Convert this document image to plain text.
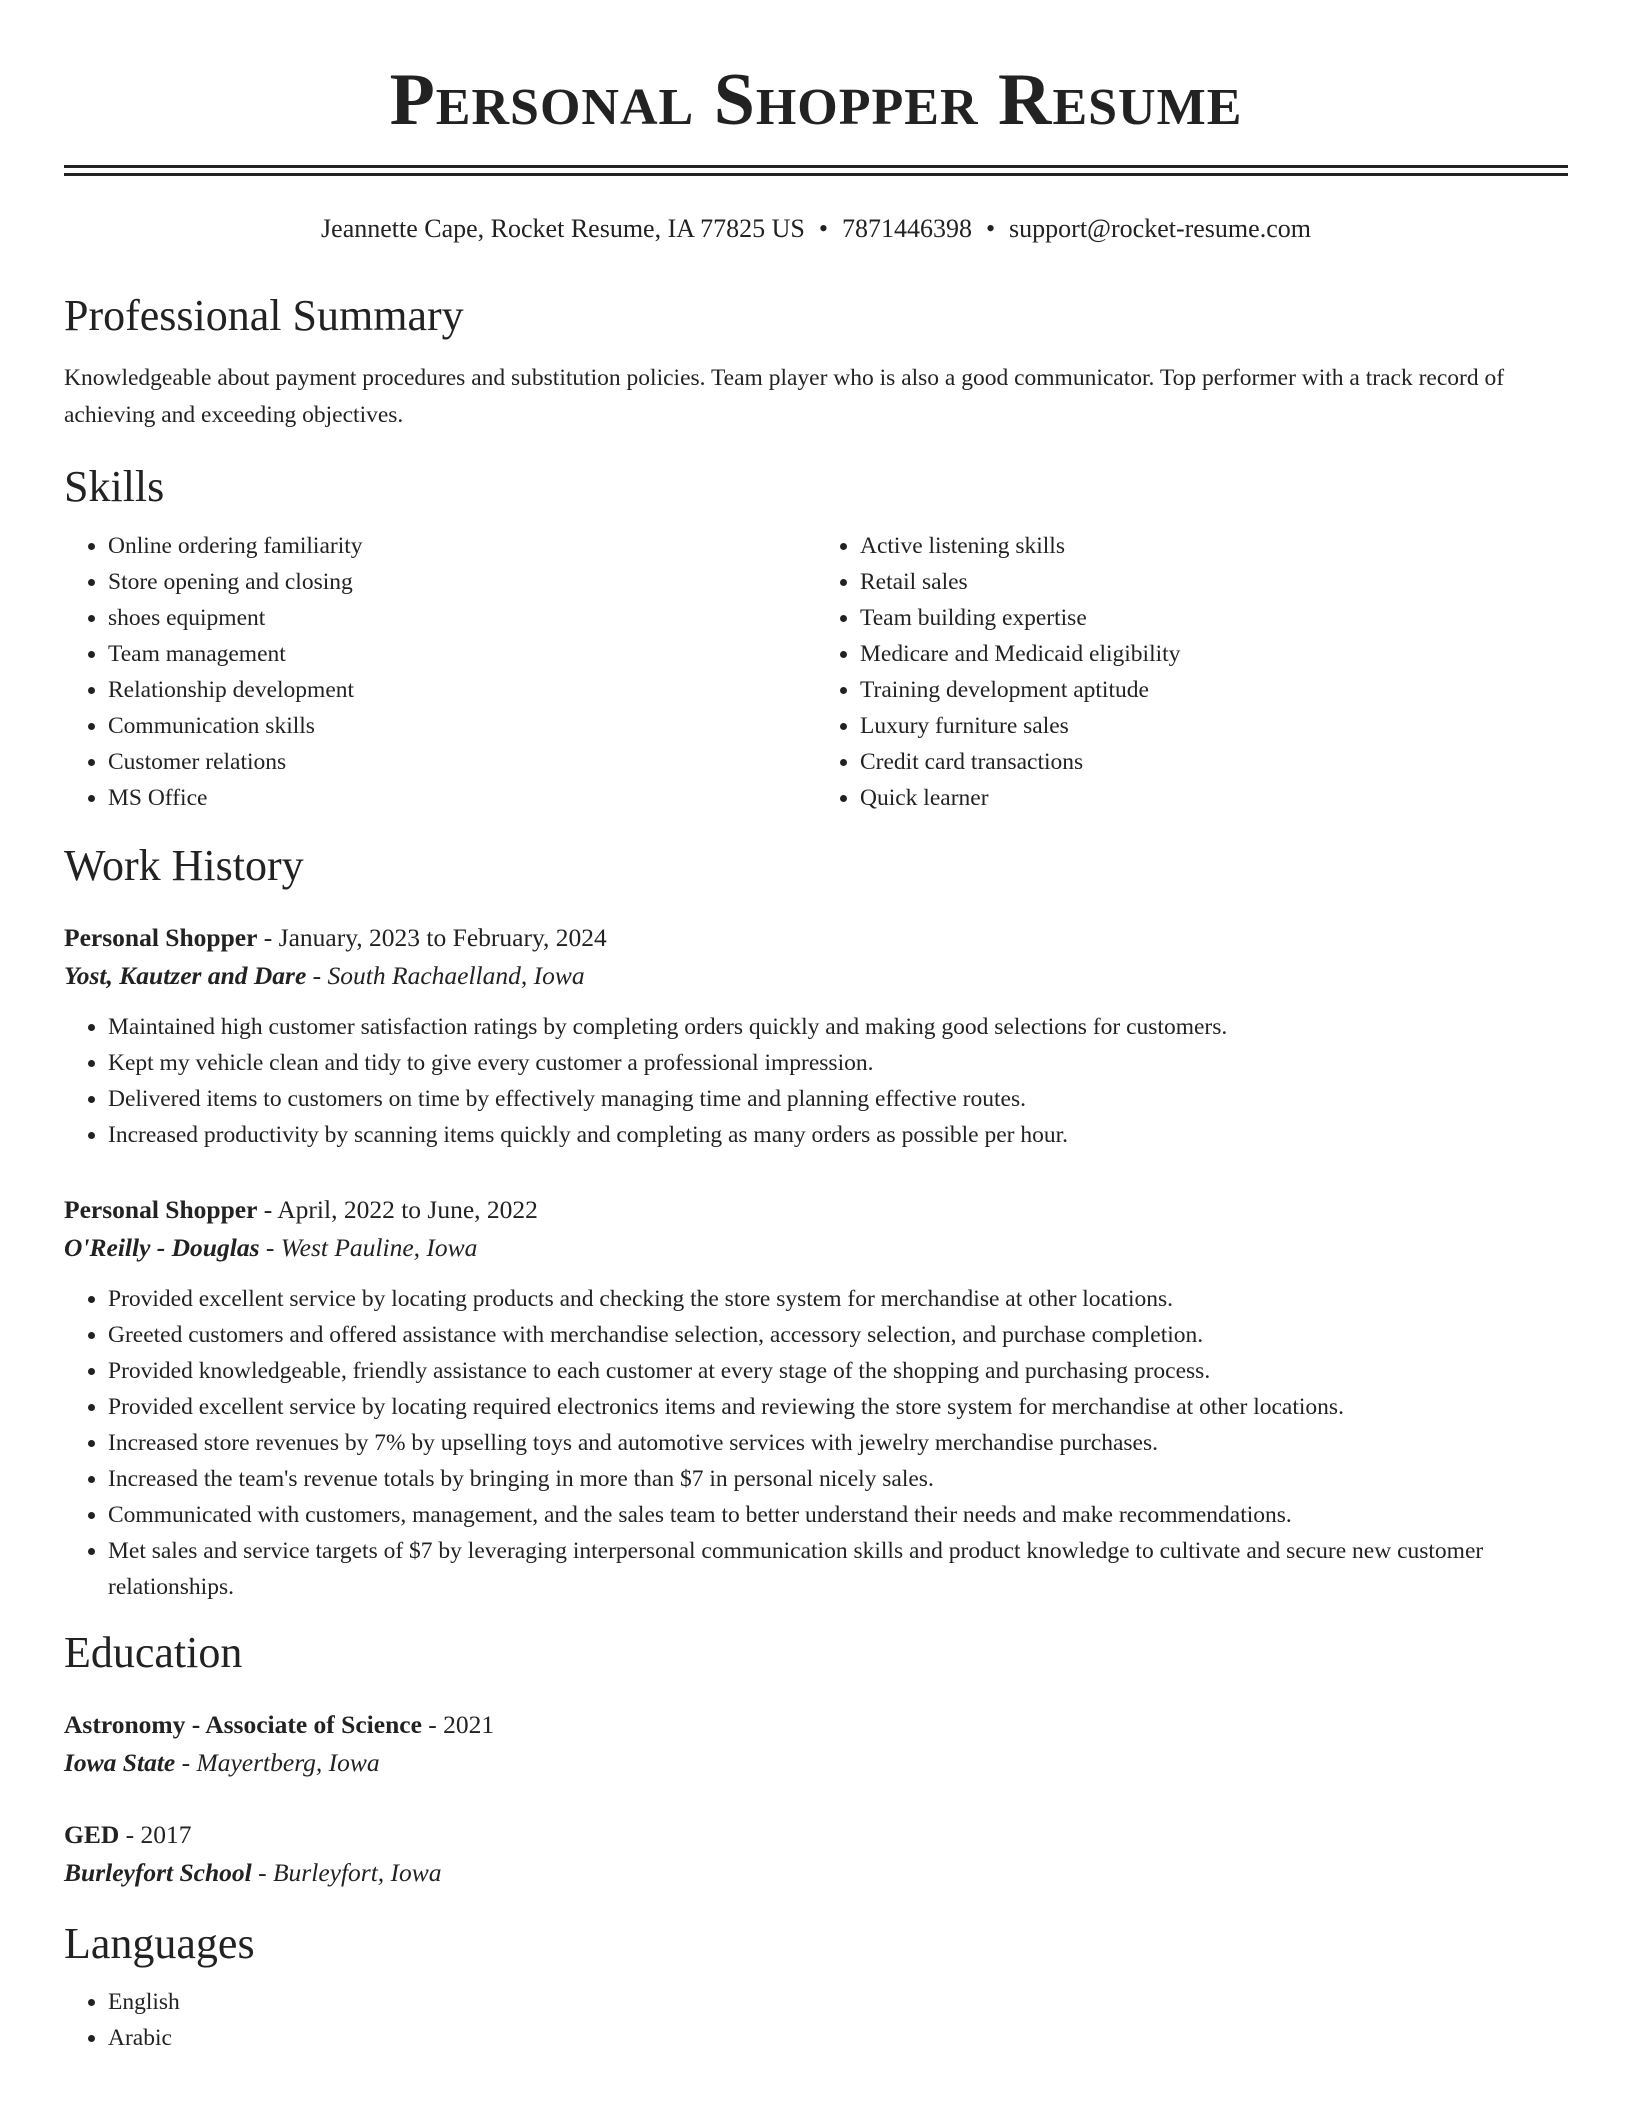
Personal Shopper Resume
Jeannette Cape, Rocket Resume, IA 77825 US • 7871446398 • support@rocket-resume.com
Professional Summary
Knowledgeable about payment procedures and substitution policies. Team player who is also a good communicator. Top performer with a track record of achieving and exceeding objectives.
Skills
• Online ordering familiarity
• Store opening and closing
• shoes equipment
• Team management
• Relationship development
• Communication skills
• Customer relations
• MS Office
• Active listening skills
• Retail sales
• Team building expertise
• Medicare and Medicaid eligibility
• Training development aptitude
• Luxury furniture sales
• Credit card transactions
• Quick learner
Work History
Personal Shopper - January, 2023 to February, 2024
Yost, Kautzer and Dare - South Rachaelland, Iowa
• Maintained high customer satisfaction ratings by completing orders quickly and making good selections for customers.
• Kept my vehicle clean and tidy to give every customer a professional impression.
• Delivered items to customers on time by effectively managing time and planning effective routes.
• Increased productivity by scanning items quickly and completing as many orders as possible per hour.
Personal Shopper - April, 2022 to June, 2022
O'Reilly - Douglas - West Pauline, Iowa
• Provided excellent service by locating products and checking the store system for merchandise at other locations.
• Greeted customers and offered assistance with merchandise selection, accessory selection, and purchase completion.
• Provided knowledgeable, friendly assistance to each customer at every stage of the shopping and purchasing process.
• Provided excellent service by locating required electronics items and reviewing the store system for merchandise at other locations.
• Increased store revenues by 7% by upselling toys and automotive services with jewelry merchandise purchases.
• Increased the team's revenue totals by bringing in more than $7 in personal nicely sales.
• Communicated with customers, management, and the sales team to better understand their needs and make recommendations.
• Met sales and service targets of $7 by leveraging interpersonal communication skills and product knowledge to cultivate and secure new customer relationships.
Education
Astronomy - Associate of Science - 2021
Iowa State - Mayertberg, Iowa
GED - 2017
Burleyfort School - Burleyfort, Iowa
Languages
• English
• Arabic
